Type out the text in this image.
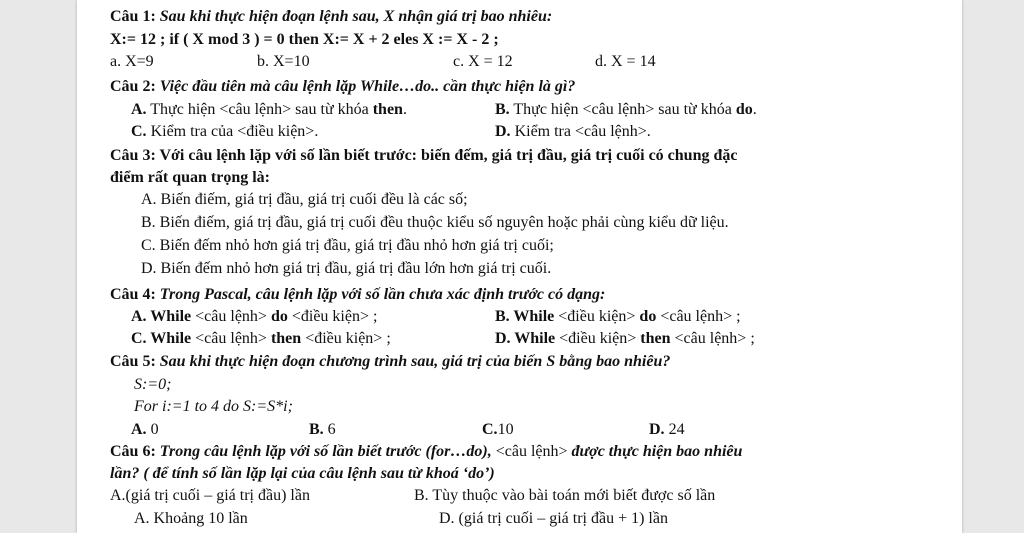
Câu 1: Sau khi thực hiện đoạn lệnh sau, X nhận giá trị bao nhiêu:
X:= 12 ; if ( X mod 3 ) = 0 then X:= X + 2 eles X := X - 2 ;
a. X=9	b. X=10	c. X = 12	d. X = 14
Câu 2: Việc đầu tiên mà câu lệnh lặp While…do.. cần thực hiện là gì?
A. Thực hiện <câu lệnh> sau từ khóa then.	B. Thực hiện <câu lệnh> sau từ khóa do.
C. Kiểm tra của <điều kiện>.	D. Kiểm tra <câu lệnh>.
Câu 3: Với câu lệnh lặp với số lần biết trước: biến đếm, giá trị đầu, giá trị cuối có chung đặc
điểm rất quan trọng là:
A. Biến điếm, giá trị đầu, giá trị cuối đều là các số;
B. Biến điếm, giá trị đầu, giá trị cuối đều thuộc kiểu số nguyên hoặc phải cùng kiểu dữ liệu.
C. Biến đếm nhỏ hơn giá trị đầu, giá trị đầu nhỏ hơn giá trị cuối;
D. Biến đếm nhỏ hơn giá trị đầu, giá trị đầu lớn hơn giá trị cuối.
Câu 4: Trong Pascal, câu lệnh lặp với số lần chưa xác định trước có dạng:
A. While <câu lệnh> do <điều kiện> ;	B. While <điều kiện> do <câu lệnh> ;
C. While <câu lệnh> then <điều kiện> ;	D. While <điều kiện> then <câu lệnh> ;
Câu 5: Sau khi thực hiện đoạn chương trình sau, giá trị của biến S bằng bao nhiêu?
S:=0;
For i:=1 to 4 do S:=S*i;
A. 0	B. 6	C.10	D. 24
Câu 6: Trong câu lệnh lặp với số lần biết trước (for…do), <câu lệnh> được thực hiện bao nhiêu
lần? ( để tính số lần lặp lại của câu lệnh sau từ khoá ‘do’)
A.(giá trị cuối – giá trị đầu) lần	B. Tùy thuộc vào bài toán mới biết được số lần
A. Khoảng 10 lần	D. (giá trị cuối – giá trị đầu + 1) lần
